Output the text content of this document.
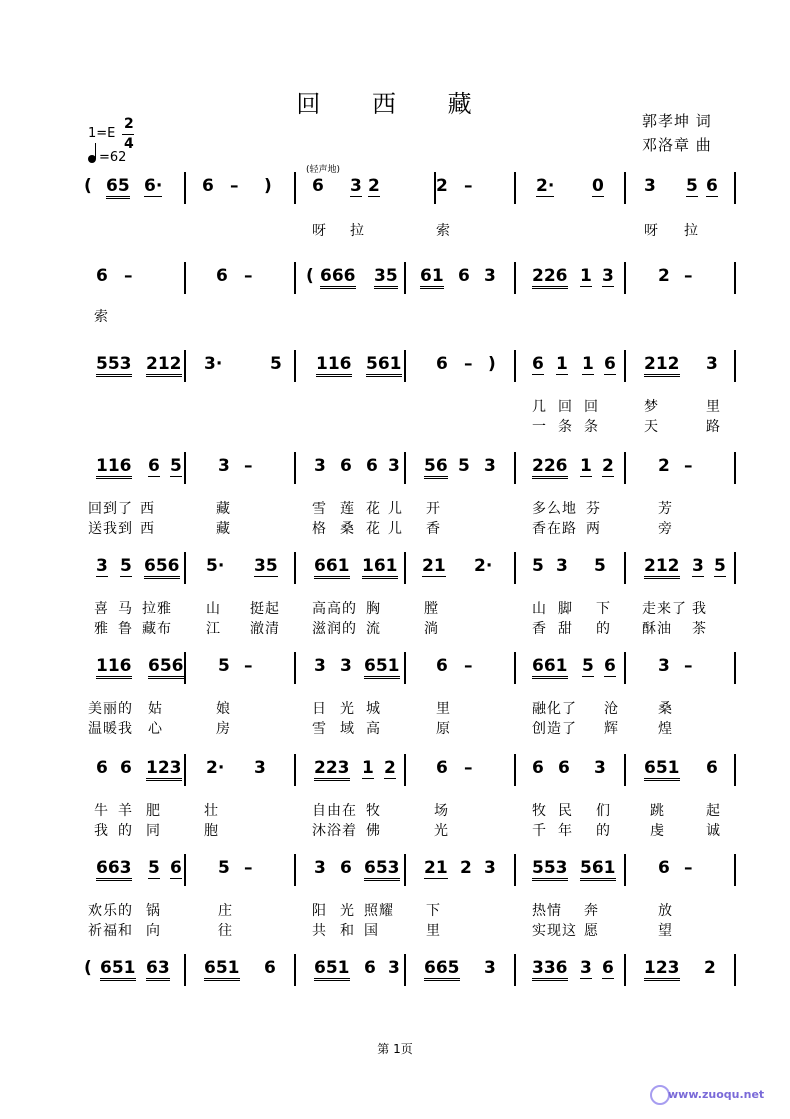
回 西 藏
郭孝坤 词
邓洛章 曲
1=E
2
4
=62
(轻声地)
( 65 6· 6 – ) 6 3 2	2 –	2· 0 3 5 6
呀 拉	索	呀 拉
6 –	6 –	( 666 35 61 6 3 226 1 3	2 –
索
553 212 3·	5 116 561 6 – ) 6 1 1 6 212 3
几 回 回	梦	里
一 条 条	天	路
116 6 5 3 –	3 6 6 3 56 5 3 226 1 2	2 –
回到了 西	藏	雪 莲 花 儿 开	多么地 芬	芳
送我到 西	藏	格 桑 花 儿 香	香在路 两	旁
3 5 656 5· 35 661 161 21 2· 5 3 5 212 3 5
喜 马 拉雅 山 挺起 高高的 胸	膛	山 脚 下 走来了 我
雅 鲁 藏布 江 澈清 滋润的 流	淌	香 甜 的 酥油 茶
116 656 5 –	3 3 651 6 –	661 5 6 3 –
美丽的 姑	娘	日 光 城	里	融化了 沧	桑
温暖我 心	房	雪 域 高	原	创造了 辉	煌
6 6 123 2· 3	223 1 2 6 –	6 6 3 651 6
牛 羊 肥	壮	自由在 牧	场	牧 民 们	跳	起
我 的 同	胞	沐浴着 佛	光	千 年 的	虔	诚
663 5 6 5 –	3 6 653 21 2 3 553 561	6 –
欢乐的 锅	庄	阳 光 照耀 下	热情 奔	放
祈福和 向	往	共 和 国	里	实现这 愿	望
( 651 63 651 6 651 6 3 665 3 336 3 6 123 2
第 1页
www.zuoqu.net
